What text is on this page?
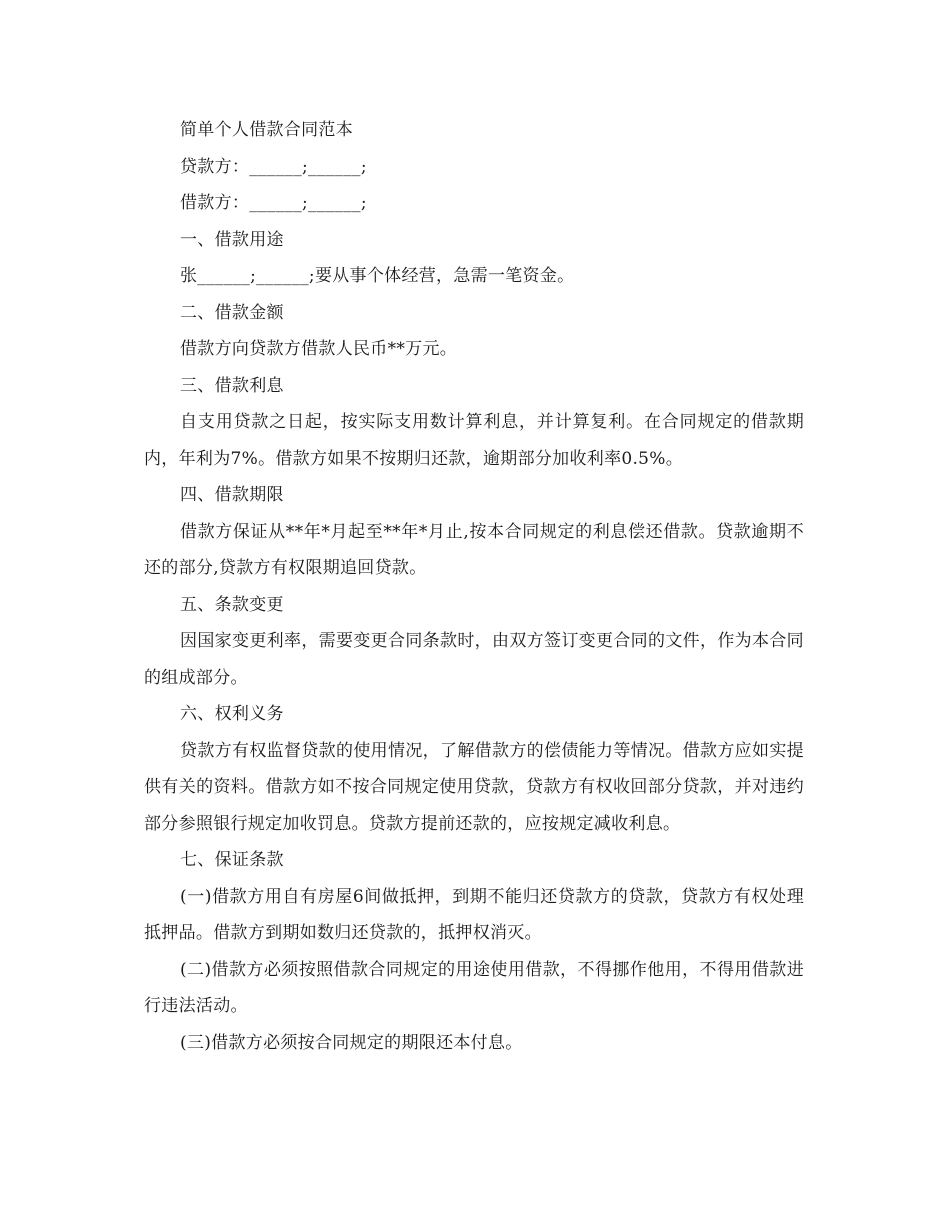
简单个人借款合同范本

贷款方：______;______;

借款方：______;______;

一、借款用途

张______;______;要从事个体经营，急需一笔资金。

二、借款金额

借款方向贷款方借款人民币**万元。

三、借款利息

自支用贷款之日起，按实际支用数计算利息，并计算复利。在合同规定的借款期内，年利为7%。借款方如果不按期归还款，逾期部分加收利率0.5%。

四、借款期限

借款方保证从**年*月起至**年*月止,按本合同规定的利息偿还借款。贷款逾期不还的部分,贷款方有权限期追回贷款。

五、条款变更

因国家变更利率，需要变更合同条款时，由双方签订变更合同的文件，作为本合同的组成部分。

六、权利义务

贷款方有权监督贷款的使用情况，了解借款方的偿债能力等情况。借款方应如实提供有关的资料。借款方如不按合同规定使用贷款，贷款方有权收回部分贷款，并对违约部分参照银行规定加收罚息。贷款方提前还款的，应按规定减收利息。

七、保证条款

(一)借款方用自有房屋6间做抵押，到期不能归还贷款方的贷款，贷款方有权处理抵押品。借款方到期如数归还贷款的，抵押权消灭。

(二)借款方必须按照借款合同规定的用途使用借款，不得挪作他用，不得用借款进行违法活动。

(三)借款方必须按合同规定的期限还本付息。
